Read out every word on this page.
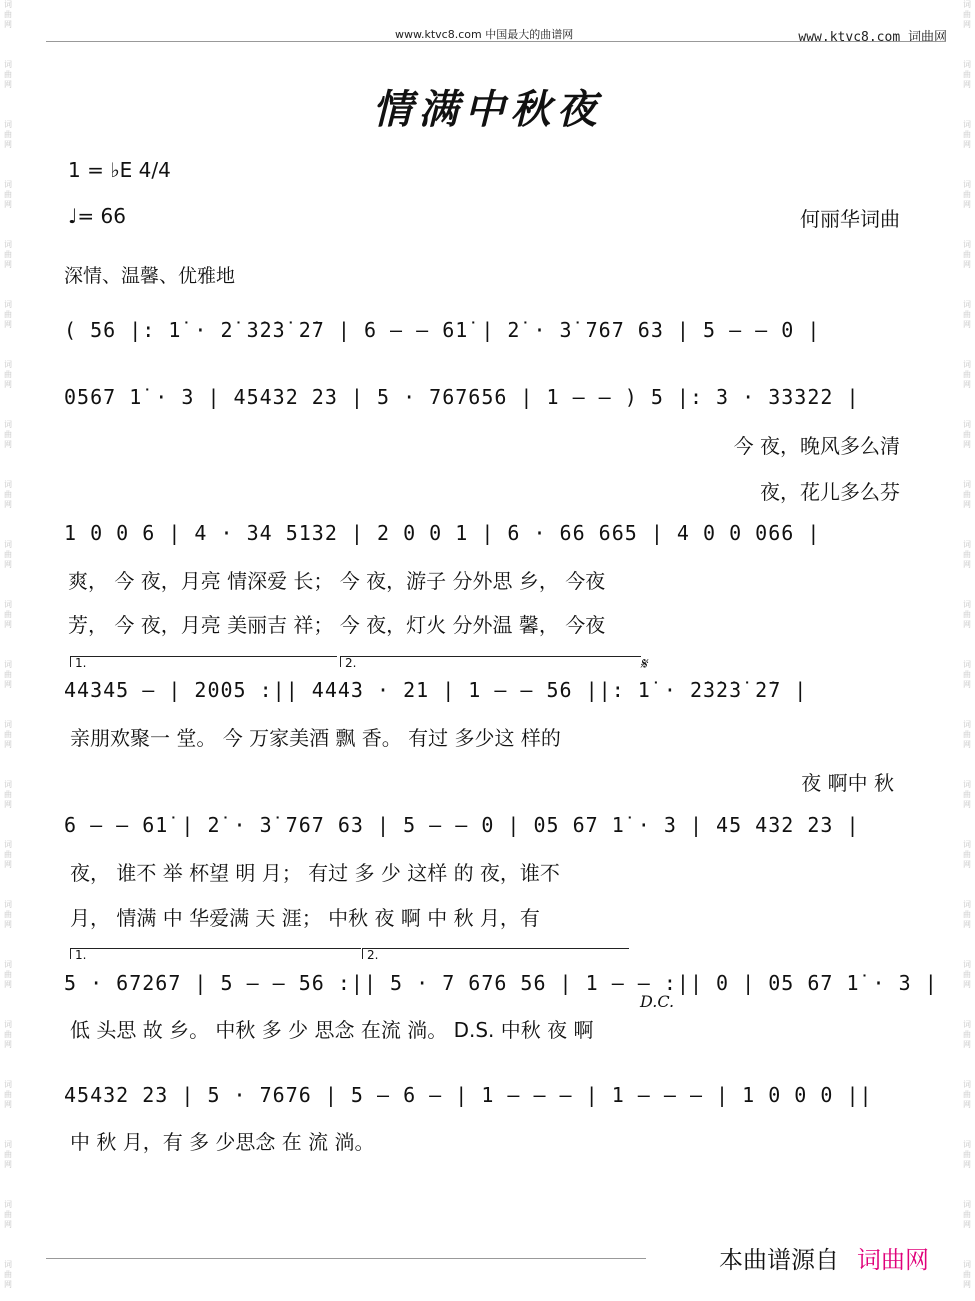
词
曲
网
词
曲
网
词
曲
网
词
曲
网
词
曲
网
词
曲
网
词
曲
网
词
曲
网
词
曲
网
词
曲
网
词
曲
网
词
曲
网
词
曲
网
词
曲
网
词
曲
网
词
曲
网
词
曲
网
词
曲
网
词
曲
网
词
曲
网
词
曲
网
词
曲
网
词
曲
网
词
曲
网
词
曲
网
词
曲
网
词
曲
网
词
曲
网
词
曲
网
词
曲
网
词
曲
网
词
曲
网
词
曲
网
词
曲
网
词
曲
网
词
曲
网
词
曲
网
词
曲
网
词
曲
网
词
曲
网
词
曲
网
词
曲
网
词
曲
网
词
曲
网
www.ktvc8.com 中国最大的曲谱网	www.ktvc8.com 词曲网
情满中秋夜
1 = ♭E 4/4
♩= 66	何丽华词曲
深情、温馨、优雅地
( 56 |: 1̇ · 2̇ 3̇2̇3̇ 2̇7 | 6 — — 61̇ | 2̇ · 3̇ 767 63 | 5 — — 0 |
0567 1̇ · 3 | 45432 23 | 5 · 767656 | 1 — — ) 5 |: 3 · 33322 |
今 夜，晚风多么清
夜，花儿多么芬
1 0 0 6 | 4 · 34 5132 | 2 0 0 1 | 6 · 66 665 | 4 0 0 066 |
爽， 今 夜，月亮 情深爱 长； 今 夜，游子 分外思 乡， 今夜
芳， 今 夜，月亮 美丽吉 祥； 今 夜，灯火 分外温 馨， 今夜
1.	2.	𝄋
44345 — | 2005 :|| 4443 · 21 | 1 — — 56 ||: 1̇ · 2̇3̇2̇3̇ 2̇7 |
亲朋欢聚一 堂。 今 万家美酒 飘 香。 有过 多少这 样的
夜 啊中 秋
6 — — 61̇ | 2̇ · 3̇ 767 63 | 5 — — 0 | 05 67 1̇ · 3 | 45 432 23 |
夜， 谁不 举 杯望 明 月； 有过 多 少 这样 的 夜，谁不
月， 情满 中 华爱满 天 涯； 中秋 夜 啊 中 秋 月，有
1.	2.
D.C.
5 · 67267 | 5 — — 56 :|| 5 · 7 676 56 | 1 — — :|| 0 | 05 67 1̇ · 3 |
低 头思 故 乡。 中秋 多 少 思念 在流 淌。 D.S. 中秋 夜 啊
45432 23 | 5 · 7676 | 5 — 6 — | 1 — — — | 1 — — — | 1 0 0 0 ||
中 秋 月，有 多 少思念 在 流 淌。
本曲谱源自 词曲网
